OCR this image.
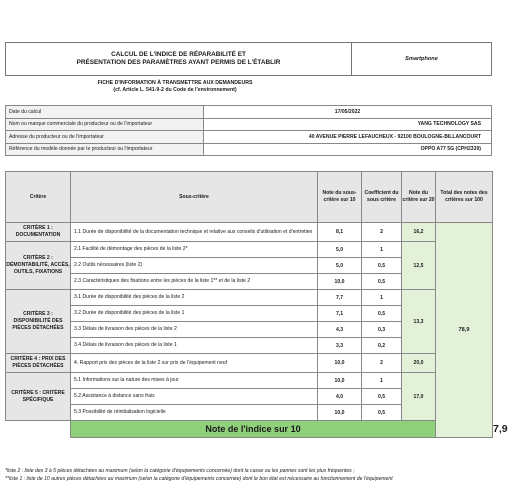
CALCUL DE L'INDICE DE RÉPARABILITÉ ET
PRÉSENTATION DES PARAMÈTRES AYANT PERMIS DE L'ÉTABLIR	Smartphone
FICHE D'INFORMATION À TRANSMETTRE AUX DEMANDEURS
(cf. Article L. 541-9-2 du Code de l'environnement)
Date du calcul	17/05/2022
Nom ou marque commerciale du producteur ou de l'importateur	YANG TECHNOLOGY SAS
Adresse du producteur ou de l'importateur	40 AVENUE PIERRE LEFAUCHEUX - 92100 BOULOGNE-BILLANCOURT
Référence du modèle donnée par le producteur ou l'importateur	OPPO A77 5G (CPH2339)
Critère	Sous-critère	Note du sous-critère sur 10	Coefficient du sous critère	Note du critère sur 20	Total des notes des critères sur 100	
CRITÈRE 1 : DOCUMENTATION	1.1 Durée de disponibilité de la documentation technique et relative aux conseils d'utilisation et d'entretien	8,1	2	16,2	78,9	
CRITÈRE 2 : DÉMONTABILITÉ, ACCÈS, OUTILS, FIXATIONS	2.1 Facilité de démontage des pièces de la liste 2*	5,0	1	12,5		
	2.2 Outils nécessaires (liste 2)	5,0	0,5			
	2.3 Caractéristiques des fixations entre les pièces de la liste 1** et de la liste 2	10,0	0,5			
CRITÈRE 3 : DISPONIBILITÉ DES PIÈCES DÉTACHÉES	3.1 Durée de disponibilité des pièces de la liste 2	7,7	1	13,3		
	3.2 Durée de disponibilité des pièces de la liste 1	7,1	0,5			
	3.3 Délais de livraison des pièces de la liste 2	4,3	0,3			
	3.4 Délais de livraison des pièces de la liste 1	3,3	0,2			
CRITÈRE 4 : PRIX DES PIÈCES DÉTACHÉES	4. Rapport prix des pièces de la liste 2 sur prix de l'équipement neuf	10,0	2	20,0		
CRITÈRE 5 : CRITÈRE SPÉCIFIQUE	5.1 Informations sur la nature des mises à jour	10,0	1	17,0		
	5.2 Assistance à distance sans frais	4,0	0,5			
	5.3 Possibilité de réinitialisation logicielle	10,0	0,5			
	Note de l'indice sur 10					7,9
*liste 2 : liste des 3 à 5 pièces détachées au maximum (selon la catégorie d'équipements concernée) dont la casse ou les pannes sont les plus fréquentes ;
**liste 1 : liste de 10 autres pièces détachées au maximum (selon la catégorie d'équipements concernée) dont le bon état est nécessaire au fonctionnement de l'équipement
